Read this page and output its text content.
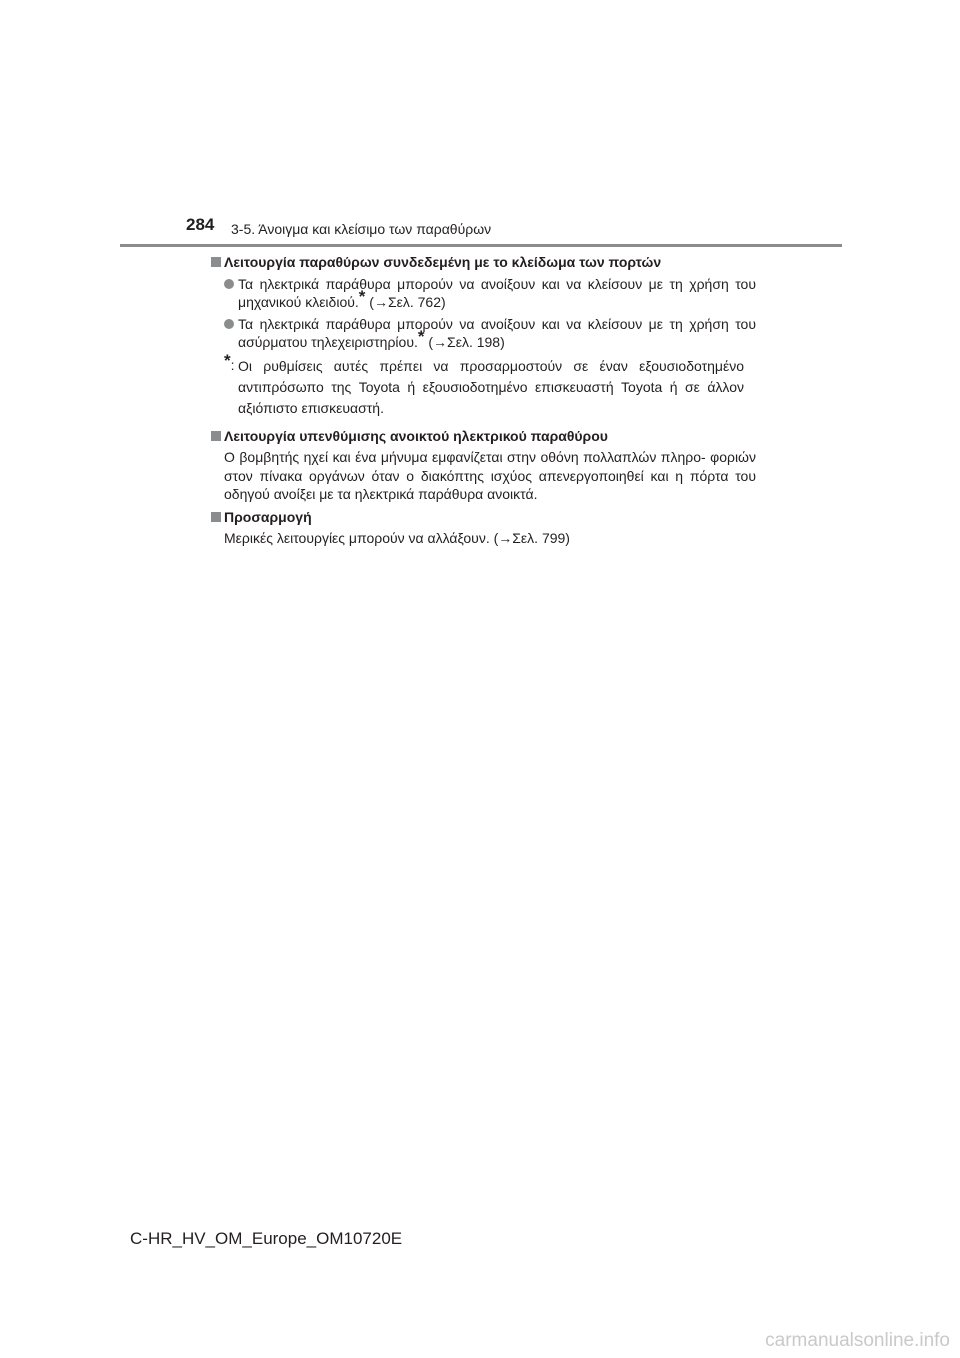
284 3-5. Άνοιγμα και κλείσιμο των παραθύρων
Λειτουργία παραθύρων συνδεδεμένη με το κλείδωμα των πορτών
Τα ηλεκτρικά παράθυρα μπορούν να ανοίξουν και να κλείσουν με τη χρήση του μηχανικού κλειδιού.* (→Σελ. 762)
Τα ηλεκτρικά παράθυρα μπορούν να ανοίξουν και να κλείσουν με τη χρήση του ασύρματου τηλεχειριστηρίου.* (→Σελ. 198)
*: Οι ρυθμίσεις αυτές πρέπει να προσαρμοστούν σε έναν εξουσιοδοτημένο αντιπρόσωπο της Toyota ή εξουσιοδοτημένο επισκευαστή Toyota ή σε άλλον αξιόπιστο επισκευαστή.
Λειτουργία υπενθύμισης ανοικτού ηλεκτρικού παραθύρου
Ο βομβητής ηχεί και ένα μήνυμα εμφανίζεται στην οθόνη πολλαπλών πληρο- φοριών στον πίνακα οργάνων όταν ο διακόπτης ισχύος απενεργοποιηθεί και η πόρτα του οδηγού ανοίξει με τα ηλεκτρικά παράθυρα ανοικτά.
Προσαρμογή
Μερικές λειτουργίες μπορούν να αλλάξουν. (→Σελ. 799)
C-HR_HV_OM_Europe_OM10720E
carmanualsonline.info
